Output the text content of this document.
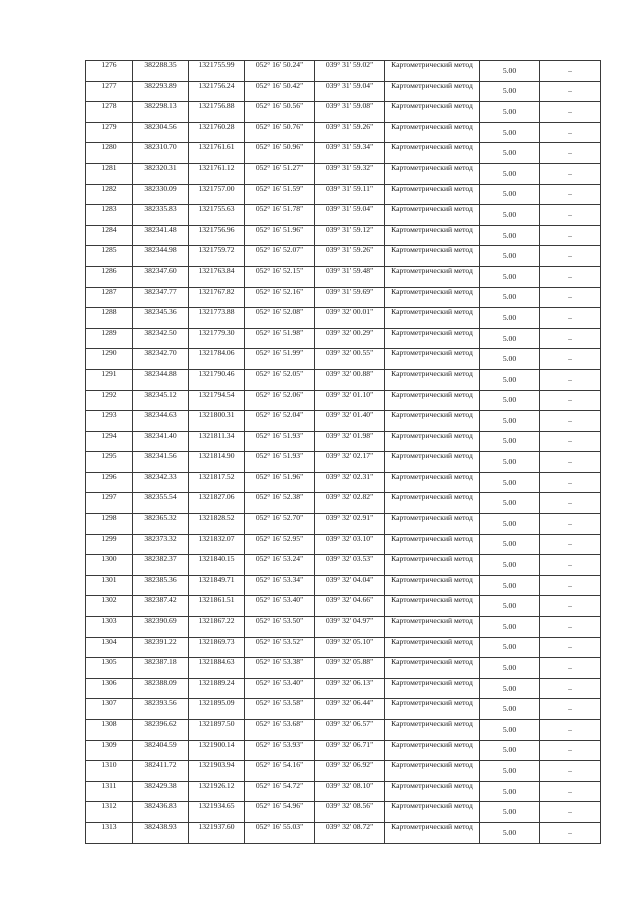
1276	382288.35	1321755.99	052° 16' 50.24"	039° 31' 59.02"	Картометрический метод	5.00	–
1277	382293.89	1321756.24	052° 16' 50.42"	039° 31' 59.04"	Картометрический метод	5.00	–
1278	382298.13	1321756.88	052° 16' 50.56"	039° 31' 59.08"	Картометрический метод	5.00	–
1279	382304.56	1321760.28	052° 16' 50.76"	039° 31' 59.26"	Картометрический метод	5.00	–
1280	382310.70	1321761.61	052° 16' 50.96"	039° 31' 59.34"	Картометрический метод	5.00	–
1281	382320.31	1321761.12	052° 16' 51.27"	039° 31' 59.32"	Картометрический метод	5.00	–
1282	382330.09	1321757.00	052° 16' 51.59"	039° 31' 59.11"	Картометрический метод	5.00	–
1283	382335.83	1321755.63	052° 16' 51.78"	039° 31' 59.04"	Картометрический метод	5.00	–
1284	382341.48	1321756.96	052° 16' 51.96"	039° 31' 59.12"	Картометрический метод	5.00	–
1285	382344.98	1321759.72	052° 16' 52.07"	039° 31' 59.26"	Картометрический метод	5.00	–
1286	382347.60	1321763.84	052° 16' 52.15"	039° 31' 59.48"	Картометрический метод	5.00	–
1287	382347.77	1321767.82	052° 16' 52.16"	039° 31' 59.69"	Картометрический метод	5.00	–
1288	382345.36	1321773.88	052° 16' 52.08"	039° 32' 00.01"	Картометрический метод	5.00	–
1289	382342.50	1321779.30	052° 16' 51.98"	039° 32' 00.29"	Картометрический метод	5.00	–
1290	382342.70	1321784.06	052° 16' 51.99"	039° 32' 00.55"	Картометрический метод	5.00	–
1291	382344.88	1321790.46	052° 16' 52.05"	039° 32' 00.88"	Картометрический метод	5.00	–
1292	382345.12	1321794.54	052° 16' 52.06"	039° 32' 01.10"	Картометрический метод	5.00	–
1293	382344.63	1321800.31	052° 16' 52.04"	039° 32' 01.40"	Картометрический метод	5.00	–
1294	382341.40	1321811.34	052° 16' 51.93"	039° 32' 01.98"	Картометрический метод	5.00	–
1295	382341.56	1321814.90	052° 16' 51.93"	039° 32' 02.17"	Картометрический метод	5.00	–
1296	382342.33	1321817.52	052° 16' 51.96"	039° 32' 02.31"	Картометрический метод	5.00	–
1297	382355.54	1321827.06	052° 16' 52.38"	039° 32' 02.82"	Картометрический метод	5.00	–
1298	382365.32	1321828.52	052° 16' 52.70"	039° 32' 02.91"	Картометрический метод	5.00	–
1299	382373.32	1321832.07	052° 16' 52.95"	039° 32' 03.10"	Картометрический метод	5.00	–
1300	382382.37	1321840.15	052° 16' 53.24"	039° 32' 03.53"	Картометрический метод	5.00	–
1301	382385.36	1321849.71	052° 16' 53.34"	039° 32' 04.04"	Картометрический метод	5.00	–
1302	382387.42	1321861.51	052° 16' 53.40"	039° 32' 04.66"	Картометрический метод	5.00	–
1303	382390.69	1321867.22	052° 16' 53.50"	039° 32' 04.97"	Картометрический метод	5.00	–
1304	382391.22	1321869.73	052° 16' 53.52"	039° 32' 05.10"	Картометрический метод	5.00	–
1305	382387.18	1321884.63	052° 16' 53.38"	039° 32' 05.88"	Картометрический метод	5.00	–
1306	382388.09	1321889.24	052° 16' 53.40"	039° 32' 06.13"	Картометрический метод	5.00	–
1307	382393.56	1321895.09	052° 16' 53.58"	039° 32' 06.44"	Картометрический метод	5.00	–
1308	382396.62	1321897.50	052° 16' 53.68"	039° 32' 06.57"	Картометрический метод	5.00	–
1309	382404.59	1321900.14	052° 16' 53.93"	039° 32' 06.71"	Картометрический метод	5.00	–
1310	382411.72	1321903.94	052° 16' 54.16"	039° 32' 06.92"	Картометрический метод	5.00	–
1311	382429.38	1321926.12	052° 16' 54.72"	039° 32' 08.10"	Картометрический метод	5.00	–
1312	382436.83	1321934.65	052° 16' 54.96"	039° 32' 08.56"	Картометрический метод	5.00	–
1313	382438.93	1321937.60	052° 16' 55.03"	039° 32' 08.72"	Картометрический метод	5.00	–
